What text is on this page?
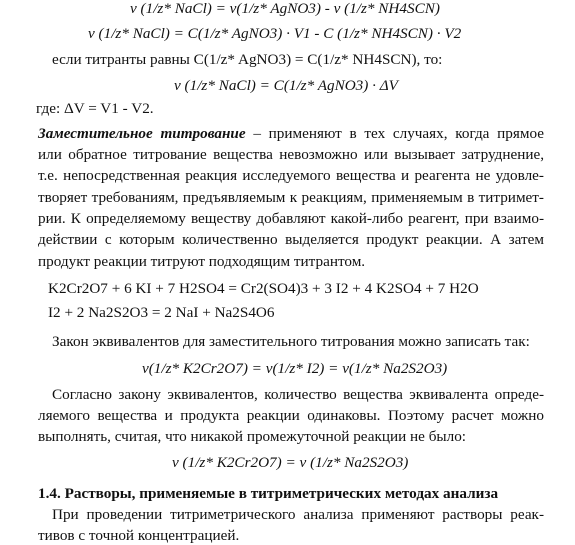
ν (1/z* NaCl) = ν(1/z* AgNO3) - ν (1/z* NH4SCN)
ν (1/z* NaCl) = C(1/z* AgNO3) · V1 - C (1/z* NH4SCN) · V2
если титранты равны C(1/z* AgNO3) = C(1/z* NH4SCN), то:
ν (1/z* NaCl) = C(1/z* AgNO3) · ΔV
где: ΔV = V1 - V2.
Заместительное титрование – применяют в тех случаях, когда прямое
или обратное титрование вещества невозможно или вызывает затруднение,
т.е. непосредственная реакция исследуемого вещества и реагента не удовле-
творяет требованиям, предъявляемым к реакциям, применяемым в титримет-
рии. К определяемому веществу добавляют какой-либо реагент, при взаимо-
действии с которым количественно выделяется продукт реакции. А затем
продукт реакции титруют подходящим титрантом.
K2Cr2O7 + 6 KI + 7 H2SO4 = Cr2(SO4)3 + 3 I2 + 4 K2SO4 + 7 H2O
I2 + 2 Na2S2O3 = 2 NaI + Na2S4O6
Закон эквивалентов для заместительного титрования можно записать так:
ν(1/z* K2Cr2O7) = ν(1/z* I2) = ν(1/z* Na2S2O3)
Согласно закону эквивалентов, количество вещества эквивалента опреде-
ляемого вещества и продукта реакции одинаковы. Поэтому расчет можно
выполнять, считая, что никакой промежуточной реакции не было:
ν (1/z* K2Cr2O7) = ν (1/z* Na2S2O3)
1.4. Растворы, применяемые в титриметрических методах анализа
При проведении титриметрического анализа применяют растворы реак-
тивов с точной концентрацией.
